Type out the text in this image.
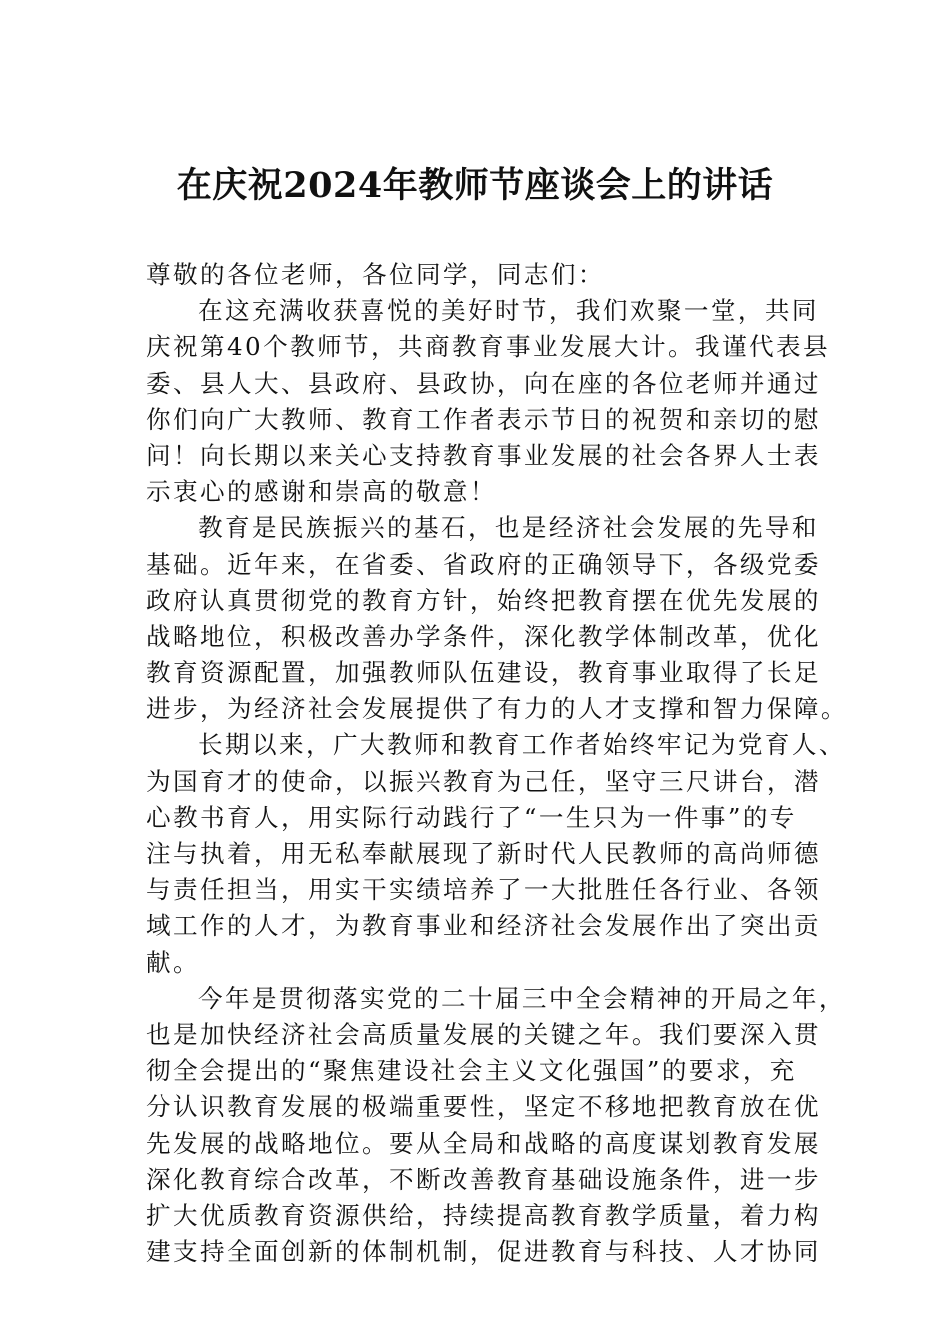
在庆祝2024年教师节座谈会上的讲话
尊敬的各位老师，各位同学，同志们：
在这充满收获喜悦的美好时节，我们欢聚一堂，共同
庆祝第40个教师节，共商教育事业发展大计。我谨代表县
委、县人大、县政府、县政协，向在座的各位老师并通过
你们向广大教师、教育工作者表示节日的祝贺和亲切的慰
问！向长期以来关心支持教育事业发展的社会各界人士表
示衷心的感谢和崇高的敬意！
教育是民族振兴的基石，也是经济社会发展的先导和
基础。近年来，在省委、省政府的正确领导下，各级党委
政府认真贯彻党的教育方针，始终把教育摆在优先发展的
战略地位，积极改善办学条件，深化教学体制改革，优化
教育资源配置，加强教师队伍建设，教育事业取得了长足
进步，为经济社会发展提供了有力的人才支撑和智力保障。
长期以来，广大教师和教育工作者始终牢记为党育人、
为国育才的使命，以振兴教育为己任，坚守三尺讲台，潜
心教书育人，用实际行动践行了“一生只为一件事”的专
注与执着，用无私奉献展现了新时代人民教师的高尚师德
与责任担当，用实干实绩培养了一大批胜任各行业、各领
域工作的人才，为教育事业和经济社会发展作出了突出贡
献。
今年是贯彻落实党的二十届三中全会精神的开局之年，
也是加快经济社会高质量发展的关键之年。我们要深入贯
彻全会提出的“聚焦建设社会主义文化强国”的要求，充
分认识教育发展的极端重要性，坚定不移地把教育放在优
先发展的战略地位。要从全局和战略的高度谋划教育发展
深化教育综合改革，不断改善教育基础设施条件，进一步
扩大优质教育资源供给，持续提高教育教学质量，着力构
建支持全面创新的体制机制，促进教育与科技、人才协同
